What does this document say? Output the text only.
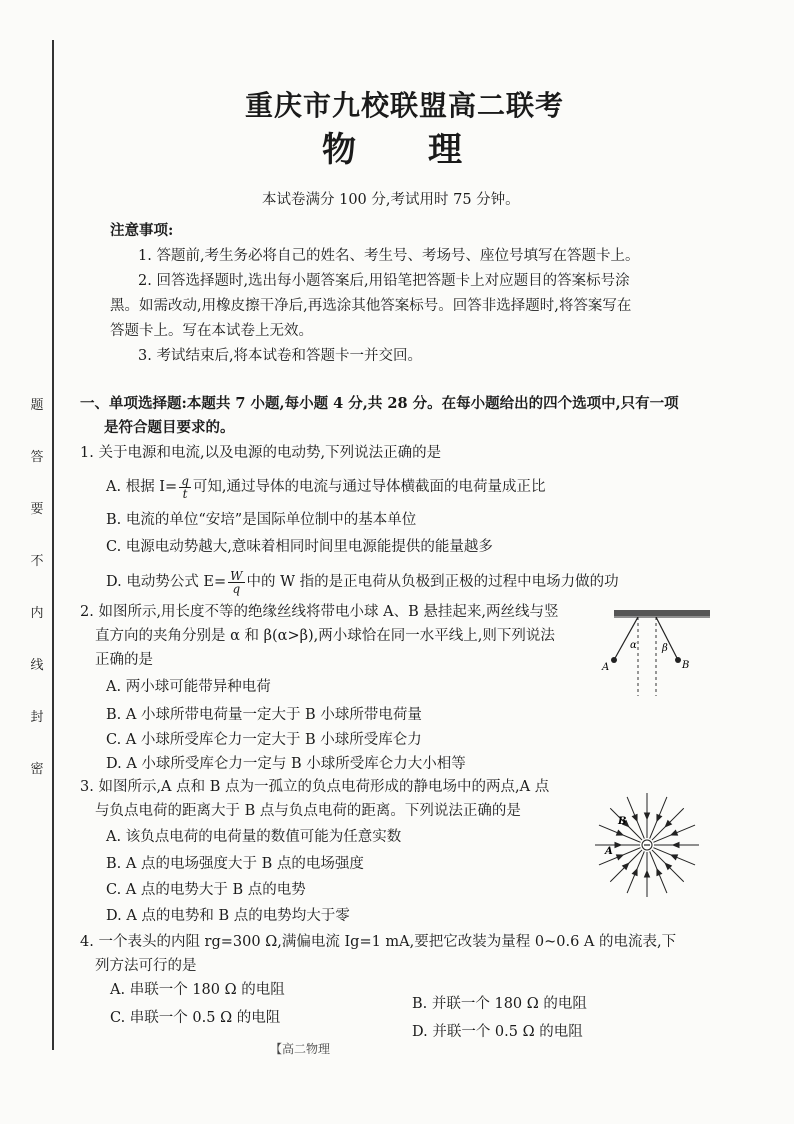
题
答
要
不
内
线
封
密
重庆市九校联盟高二联考
物 理
本试卷满分 100 分,考试用时 75 分钟。
注意事项:
1. 答题前,考生务必将自己的姓名、考生号、考场号、座位号填写在答题卡上。
2. 回答选择题时,选出每小题答案后,用铅笔把答题卡上对应题目的答案标号涂
黑。如需改动,用橡皮擦干净后,再选涂其他答案标号。回答非选择题时,将答案写在
答题卡上。写在本试卷上无效。
3. 考试结束后,将本试卷和答题卡一并交回。
一、单项选择题:本题共 7 小题,每小题 4 分,共 28 分。在每小题给出的四个选项中,只有一项
是符合题目要求的。
1. 关于电源和电流,以及电源的电动势,下列说法正确的是
A. 根据 $I= \frac{q}{t}$ 可知,通过导体的电流与通过导体横截面的电荷量成正比
B. 电流的单位“安培”是国际单位制中的基本单位
C. 电源电动势越大,意味着相同时间里电源能提供的能量越多
D. 电动势公式 $E= \frac{W}{q}$ 中的 W 指的是正电荷从负极到正极的过程中电场力做的功
2. 如图所示,用长度不等的绝缘丝线将带电小球 A、B 悬挂起来,两丝线与竖
直方向的夹角分别是 α 和 β(α>β),两小球恰在同一水平线上,则下列说法
正确的是
A. 两小球可能带异种电荷
B. A 小球所带电荷量一定大于 B 小球所带电荷量
C. A 小球所受库仑力一定大于 B 小球所受库仑力
D. A 小球所受库仑力一定与 B 小球所受库仑力大小相等
α	β
A	B
3. 如图所示,A 点和 B 点为一孤立的负点电荷形成的静电场中的两点,A 点
与负点电荷的距离大于 B 点与负点电荷的距离。下列说法正确的是
A. 该负点电荷的电荷量的数值可能为任意实数
B. A 点的电场强度大于 B 点的电场强度
C. A 点的电势大于 B 点的电势
D. A 点的电势和 B 点的电势均大于零
B
A
4. 一个表头的内阻 rg=300 Ω,满偏电流 Ig=1 mA,要把它改装为量程 0~0.6 A 的电流表,下
列方法可行的是
A. 串联一个 180 Ω 的电阻
B. 并联一个 180 Ω 的电阻
C. 串联一个 0.5 Ω 的电阻
D. 并联一个 0.5 Ω 的电阻
【高二物理
